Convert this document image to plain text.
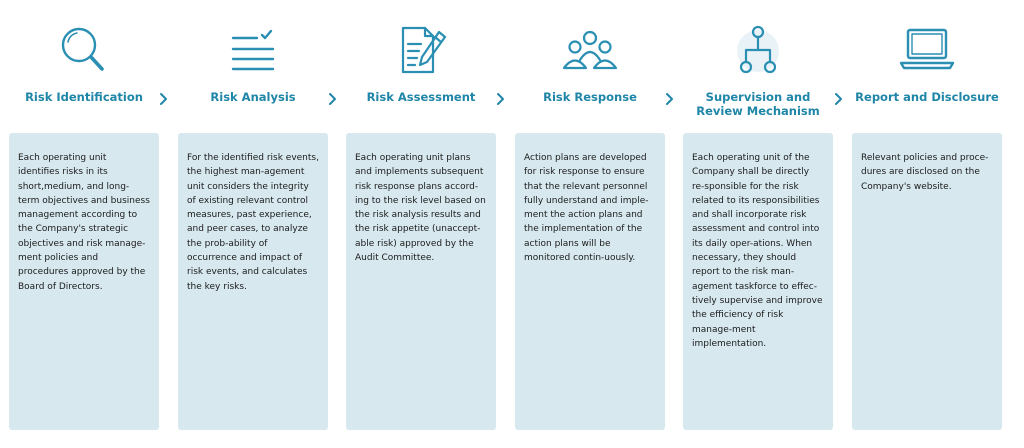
Risk Identification

Each operating unit identifies risks in its short,medium, and long-term objectives and business management according to the Company's strategic objectives and risk manage-ment policies and procedures approved by the Board of Directors.

Risk Analysis

For the identified risk events, the highest man-agement unit considers the integrity of existing relevant control measures, past experience, and peer cases, to analyze the prob-ability of occurrence and impact of risk events, and calculates the key risks.

Risk Assessment

Each operating unit plans and implements subsequent risk response plans accord-ing to the risk level based on the risk analysis results and the risk appetite (unaccept-able risk) approved by the Audit Committee.

Risk Response

Action plans are developed for risk response to ensure that the relevant personnel fully understand and imple-ment the action plans and the implementation of the action plans will be monitored contin-uously.

Supervision and
Review Mechanism

Each operating unit of the Company shall be directly re-sponsible for the risk related to its responsibilities and shall incorporate risk assessment and control into its daily oper-ations. When necessary, they should report to the risk man-agement taskforce to effec-tively supervise and improve the efficiency of risk manage-ment implementation.

Report and Disclosure

Relevant policies and proce-dures are disclosed on the Company's website.
